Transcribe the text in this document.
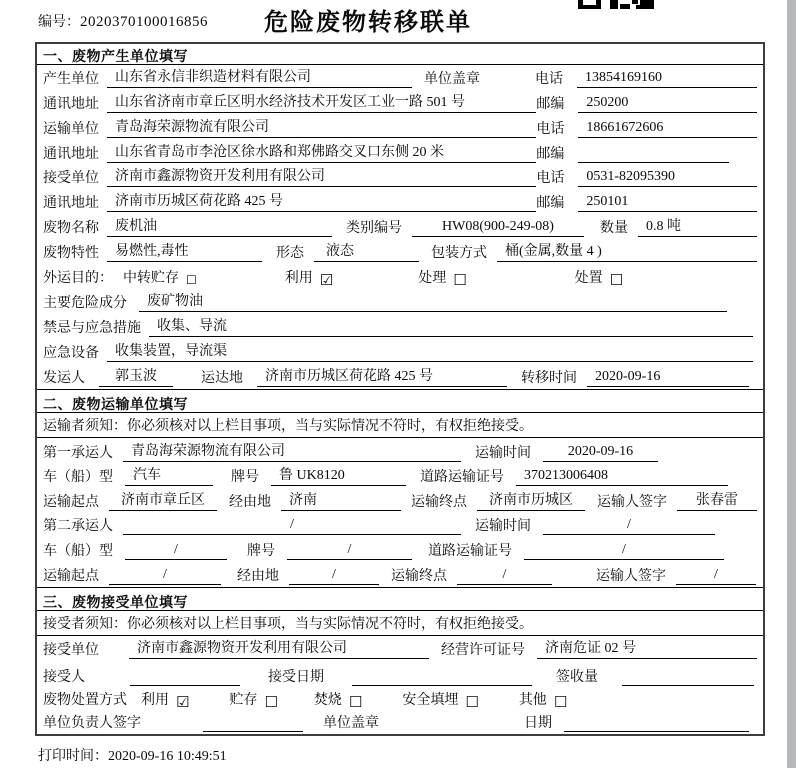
编号：2020370100016856	危险废物转移联单
一、废物产生单位填写
产生单位	山东省永信非织造材料有限公司	单位盖章	电话	13854169160
通讯地址	山东省济南市章丘区明水经济技术开发区工业一路 501 号	邮编	250200
运输单位	青岛海荣源物流有限公司	电话	18661672606
通讯地址	山东省青岛市李沧区徐水路和郑佛路交叉口东侧 20 米	邮编
接受单位	济南市鑫源物资开发利用有限公司	电话	0531-82095390
通讯地址	济南市历城区荷花路 425 号	邮编	250101
废物名称	废机油	类别编号	HW08(900-249-08)	数量	0.8 吨
废物特性	易燃性,毒性	形态	液态	包装方式	桶(金属,数量 4 )
外运目的： 中转贮存 ☐	利用 ☑	处理 ☐	处置 ☐
主要危险成分	废矿物油
禁忌与应急措施	收集、导流
应急设备	收集装置，导流渠
发运人	郭玉波	运达地	济南市历城区荷花路 425 号	转移时间	2020-09-16
二、废物运输单位填写
运输者须知：你必须核对以上栏目事项，当与实际情况不符时，有权拒绝接受。
第一承运人	青岛海荣源物流有限公司	运输时间	2020-09-16
车（船）型	汽车	牌号	鲁 UK8120	道路运输证号	370213006408
运输起点	济南市章丘区	经由地	济南	运输终点	济南市历城区	运输人签字	张春雷
第二承运人	/	运输时间	/
车（船）型	/	牌号	/	道路运输证号	/
运输起点	/	经由地	/	运输终点	/	运输人签字	/
三、废物接受单位填写
接受者须知：你必须核对以上栏目事项，当与实际情况不符时，有权拒绝接受。
接受单位	济南市鑫源物资开发利用有限公司	经营许可证号	济南危证 02 号
接受人	接受日期	签收量
废物处置方式 利用 ☑	贮存 ☐	焚烧 ☐	安全填埋 ☐	其他 ☐
单位负责人签字	单位盖章	日期
打印时间：2020-09-16 10:49:51
